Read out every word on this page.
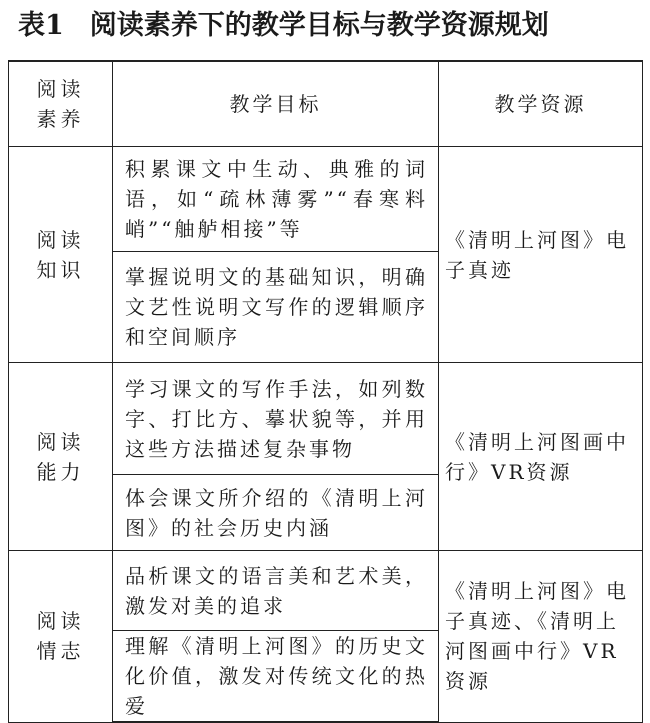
表1 阅读素养下的教学目标与教学资源规划
阅读
素养	教学目标	教学资源

阅读
知识	积累课文中生动、典雅的词语，如“疏林薄雾”“春寒料峭”“舳舻相接”等	《清明上河图》电子真迹
	掌握说明文的基础知识，明确文艺性说明文写作的逻辑顺序和空间顺序	

阅读
能力	学习课文的写作手法，如列数字、打比方、摹状貌等，并用这些方法描述复杂事物	《清明上河图画中行》VR资源
	体会课文所介绍的《清明上河图》的社会历史内涵	

阅读
情志	品析课文的语言美和艺术美，激发对美的追求	《清明上河图》电子真迹、《清明上河图画中行》VR资源
	理解《清明上河图》的历史文化价值，激发对传统文化的热爱	
